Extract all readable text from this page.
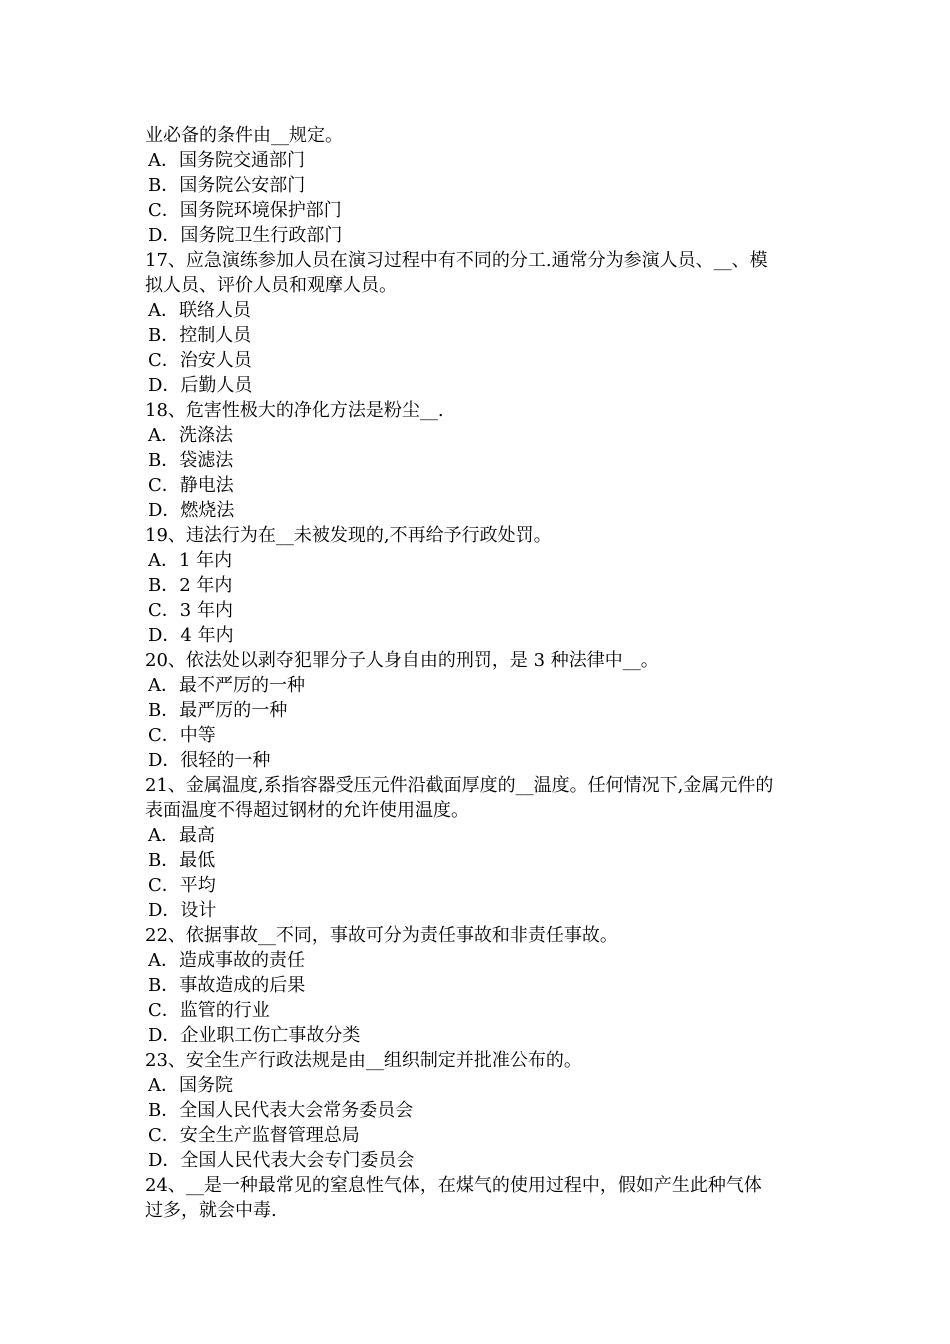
业必备的条件由__规定。
A．国务院交通部门
B．国务院公安部门
C．国务院环境保护部门
D．国务院卫生行政部门
17、应急演练参加人员在演习过程中有不同的分工.通常分为参演人员、__、模
拟人员、评价人员和观摩人员。
A．联络人员
B．控制人员
C．治安人员
D．后勤人员
18、危害性极大的净化方法是粉尘__.
A．洗涤法
B．袋滤法
C．静电法
D．燃烧法
19、违法行为在__未被发现的,不再给予行政处罚。
A．1 年内
B．2 年内
C．3 年内
D．4 年内
20、依法处以剥夺犯罪分子人身自由的刑罚，是 3 种法律中__。
A．最不严厉的一种
B．最严厉的一种
C．中等
D．很轻的一种
21、金属温度,系指容器受压元件沿截面厚度的__温度。任何情况下,金属元件的
表面温度不得超过钢材的允许使用温度。
A．最高
B．最低
C．平均
D．设计
22、依据事故__不同，事故可分为责任事故和非责任事故。
A．造成事故的责任
B．事故造成的后果
C．监管的行业
D．企业职工伤亡事故分类
23、安全生产行政法规是由__组织制定并批准公布的。
A．国务院
B．全国人民代表大会常务委员会
C．安全生产监督管理总局
D．全国人民代表大会专门委员会
24、__是一种最常见的窒息性气体，在煤气的使用过程中，假如产生此种气体
过多，就会中毒.
